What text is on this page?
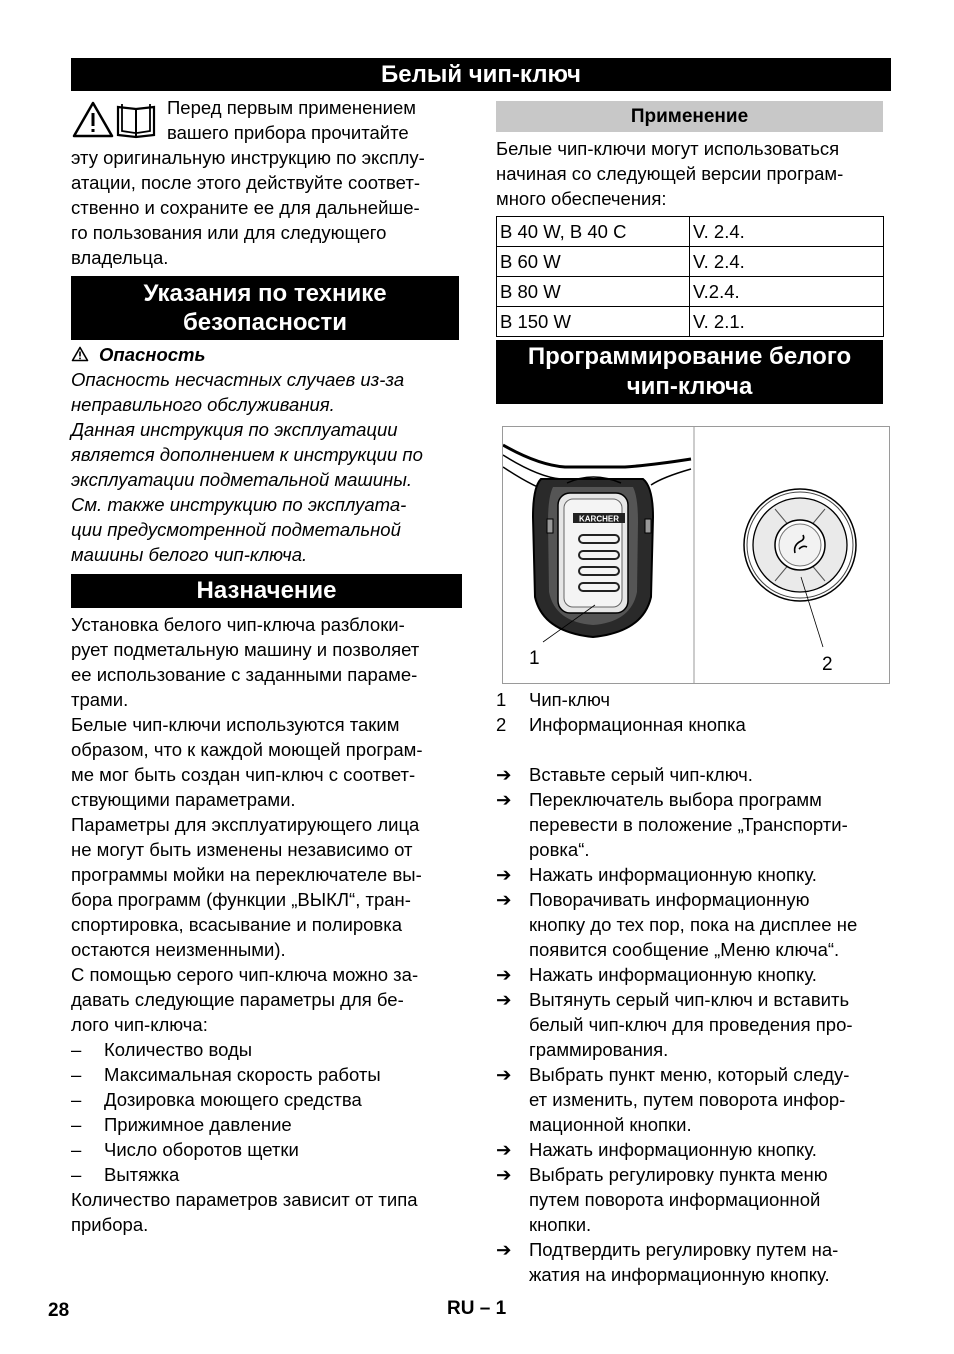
Белый чип-ключ
Перед первым применением
вашего прибора прочитайте
эту оригинальную инструкцию по эксплу-
атации, после этого действуйте соответ-
ственно и сохраните ее для дальнейше-
го пользования или для следующего
владельца.
Указания по технике
безопасности
Опасность
Опасность несчастных случаев из-за
неправильного обслуживания.
Данная инструкция по эксплуатации
является дополнением к инструкции по
эксплуатации подметальной машины.
См. также инструкцию по эксплуата-
ции предусмотренной подметальной
машины белого чип-ключа.
Назначение
Установка белого чип-ключа разблоки-
рует подметальную машину и позволяет
ее использование с заданными параме-
трами.
Белые чип-ключи используются таким
образом, что к каждой моющей програм-
ме мог быть создан чип-ключ с соответ-
ствующими параметрами.
Параметры для эксплуатирующего лица
не могут быть изменены независимо от
программы мойки на переключателе вы-
бора программ (функции „ВЫКЛ“, тран-
спортировка, всасывание и полировка
остаются неизменными).
С помощью серого чип-ключа можно за-
давать следующие параметры для бе-
лого чип-ключа:
– Количество воды
– Максимальная скорость работы
– Дозировка моющего средства
– Прижимное давление
– Число оборотов щетки
– Вытяжка
Количество параметров зависит от типа
прибора.
Применение
Белые чип-ключи могут использоваться
начиная со следующей версии програм-
много обеспечения:
B 40 W, B 40 C	V. 2.4.
B 60 W	V. 2.4.
B 80 W	V.2.4.
B 150 W	V. 2.1.
Программирование белого
чип-ключа
KARCHER
1	2
1 Чип-ключ
2 Информационная кнопка
➔ Вставьте серый чип-ключ.
➔ Переключатель выбора программ
перевести в положение „Транспорти-
ровка“.
➔ Нажать информационную кнопку.
➔ Поворачивать информационную
кнопку до тех пор, пока на дисплее не
появится сообщение „Меню ключа“.
➔ Нажать информационную кнопку.
➔ Вытянуть серый чип-ключ и вставить
белый чип-ключ для проведения про-
граммирования.
➔ Выбрать пункт меню, который следу-
ет изменить, путем поворота инфор-
мационной кнопки.
➔ Нажать информационную кнопку.
➔ Выбрать регулировку пункта меню
путем поворота информационной
кнопки.
➔ Подтвердить регулировку путем на-
жатия на информационную кнопку.
28	RU – 1
